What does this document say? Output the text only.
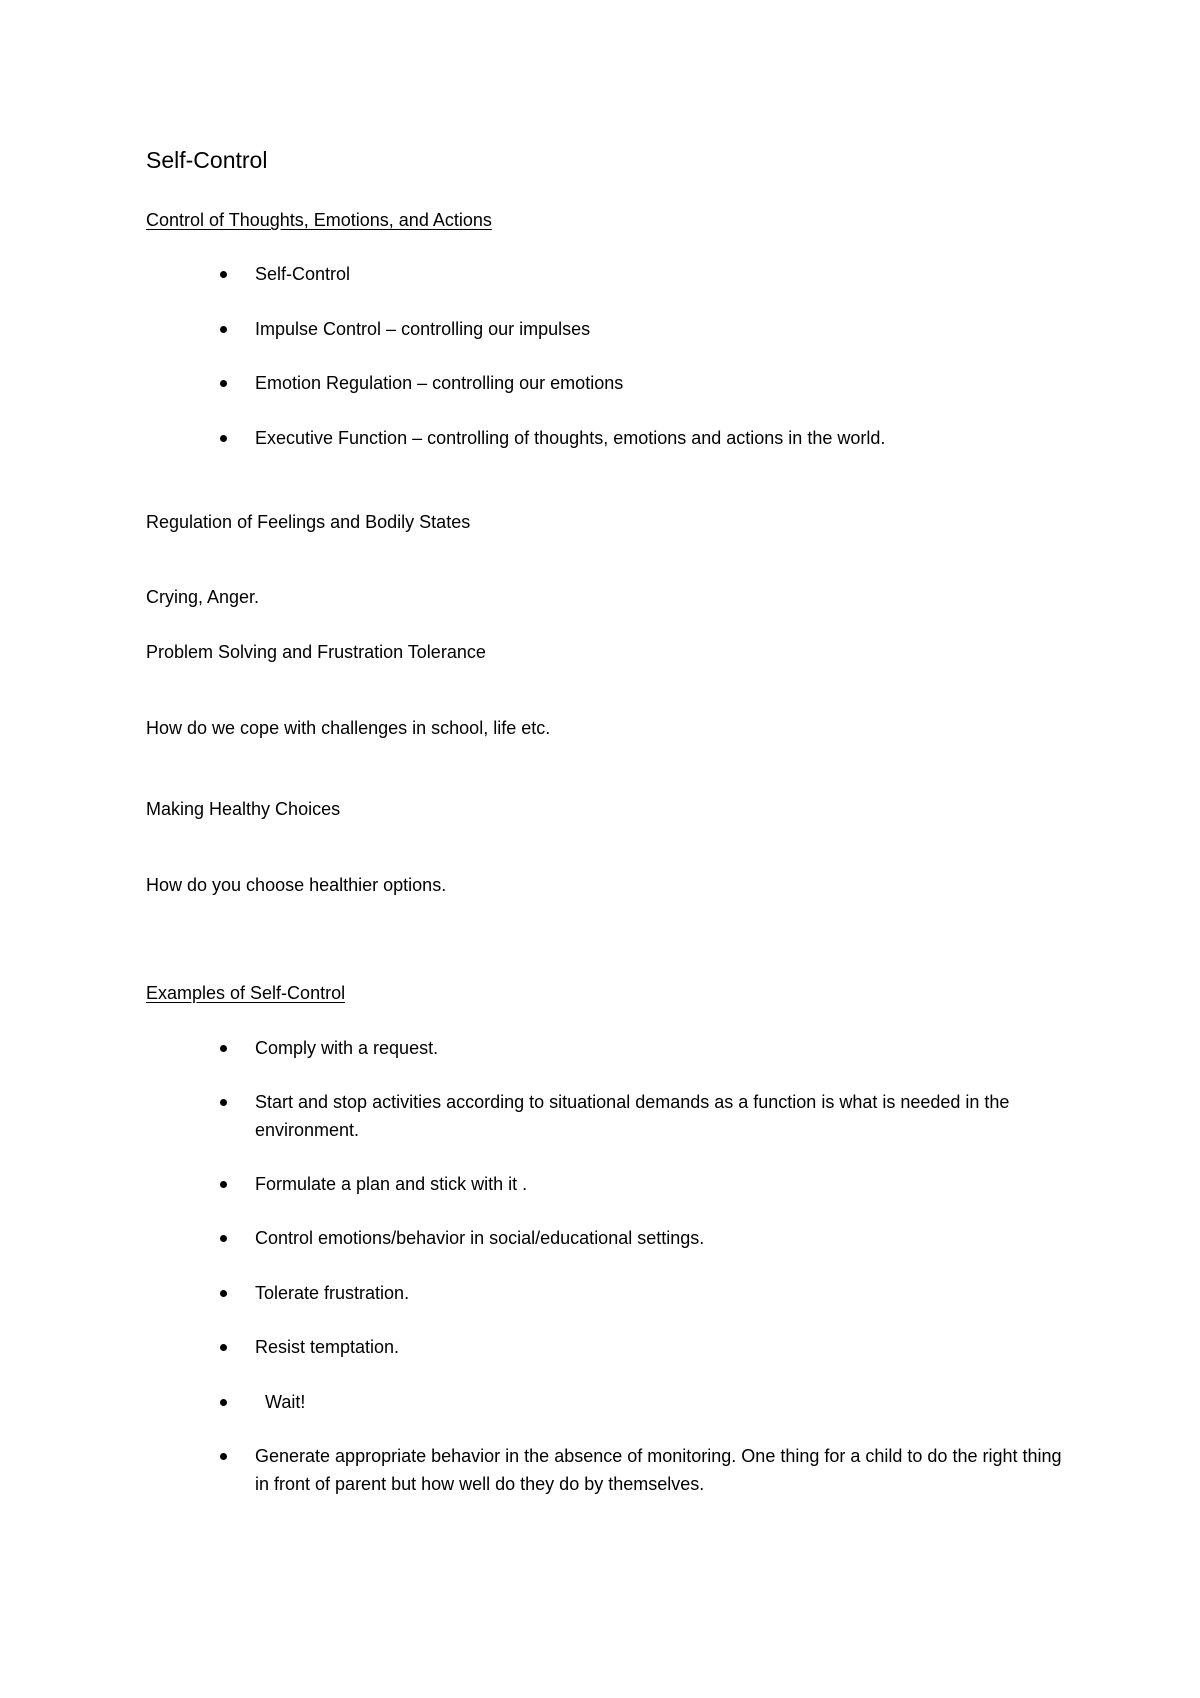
Self-Control
Control of Thoughts, Emotions, and Actions
Self-Control
Impulse Control – controlling our impulses
Emotion Regulation – controlling our emotions
Executive Function – controlling of thoughts, emotions and actions in the world.
Regulation of Feelings and Bodily States
Crying, Anger.
Problem Solving and Frustration Tolerance
How do we cope with challenges in school, life etc.
Making Healthy Choices
How do you choose healthier options.
Examples of Self-Control
Comply with a request.
Start and stop activities according to situational demands as a function is what is needed in the environment.
Formulate a plan and stick with it .
Control emotions/behavior in social/educational settings.
Tolerate frustration.
Resist temptation.
Wait!
Generate appropriate behavior in the absence of monitoring. One thing for a child to do the right thing in front of parent but how well do they do by themselves.
